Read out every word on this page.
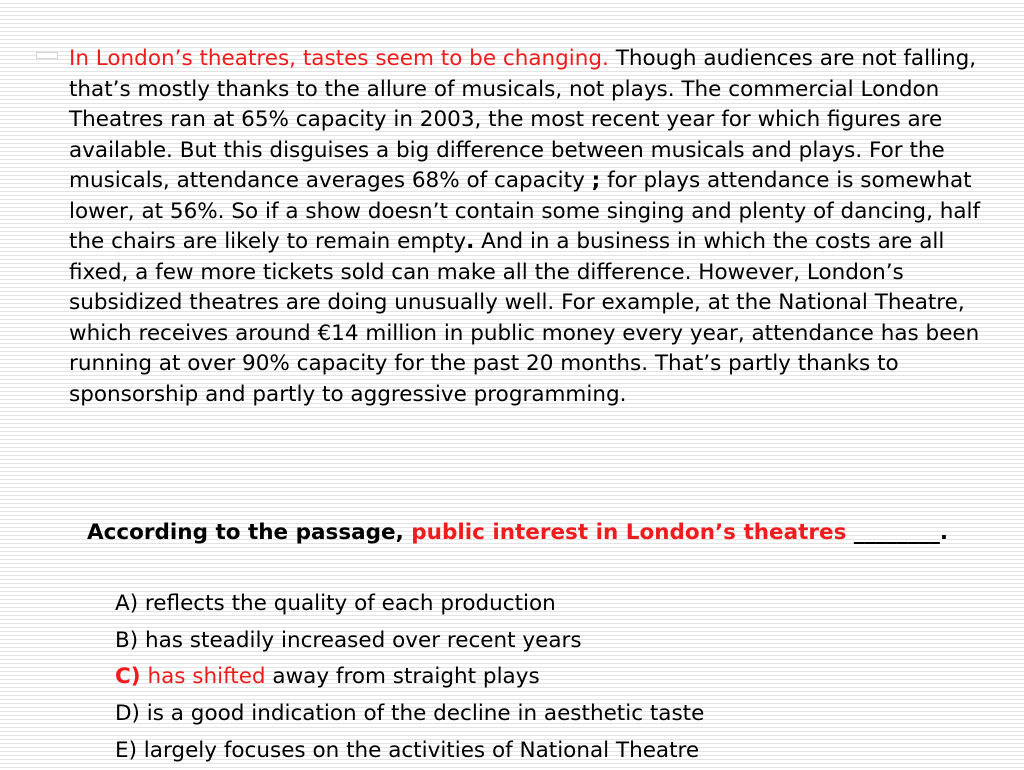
In London’s theatres, tastes seem to be changing. Though audiences are not falling, that’s mostly thanks to the allure of musicals, not plays. The commercial London Theatres ran at 65% capacity in 2003, the most recent year for which figures are available. But this disguises a big difference between musicals and plays. For the musicals, attendance averages 68% of capacity ; for plays attendance is somewhat lower, at 56%. So if a show doesn’t contain some singing and plenty of dancing, half the chairs are likely to remain empty. And in a business in which the costs are all fixed, a few more tickets sold can make all the difference. However, London’s subsidized theatres are doing unusually well. For example, at the National Theatre, which receives around €14 million in public money every year, attendance has been running at over 90% capacity for the past 20 months. That’s partly thanks to sponsorship and partly to aggressive programming.

According to the passage, public interest in London’s theatres ________.

A) reflects the quality of each production
B) has steadily increased over recent years
C) has shifted away from straight plays
D) is a good indication of the decline in aesthetic taste
E) largely focuses on the activities of National Theatre
